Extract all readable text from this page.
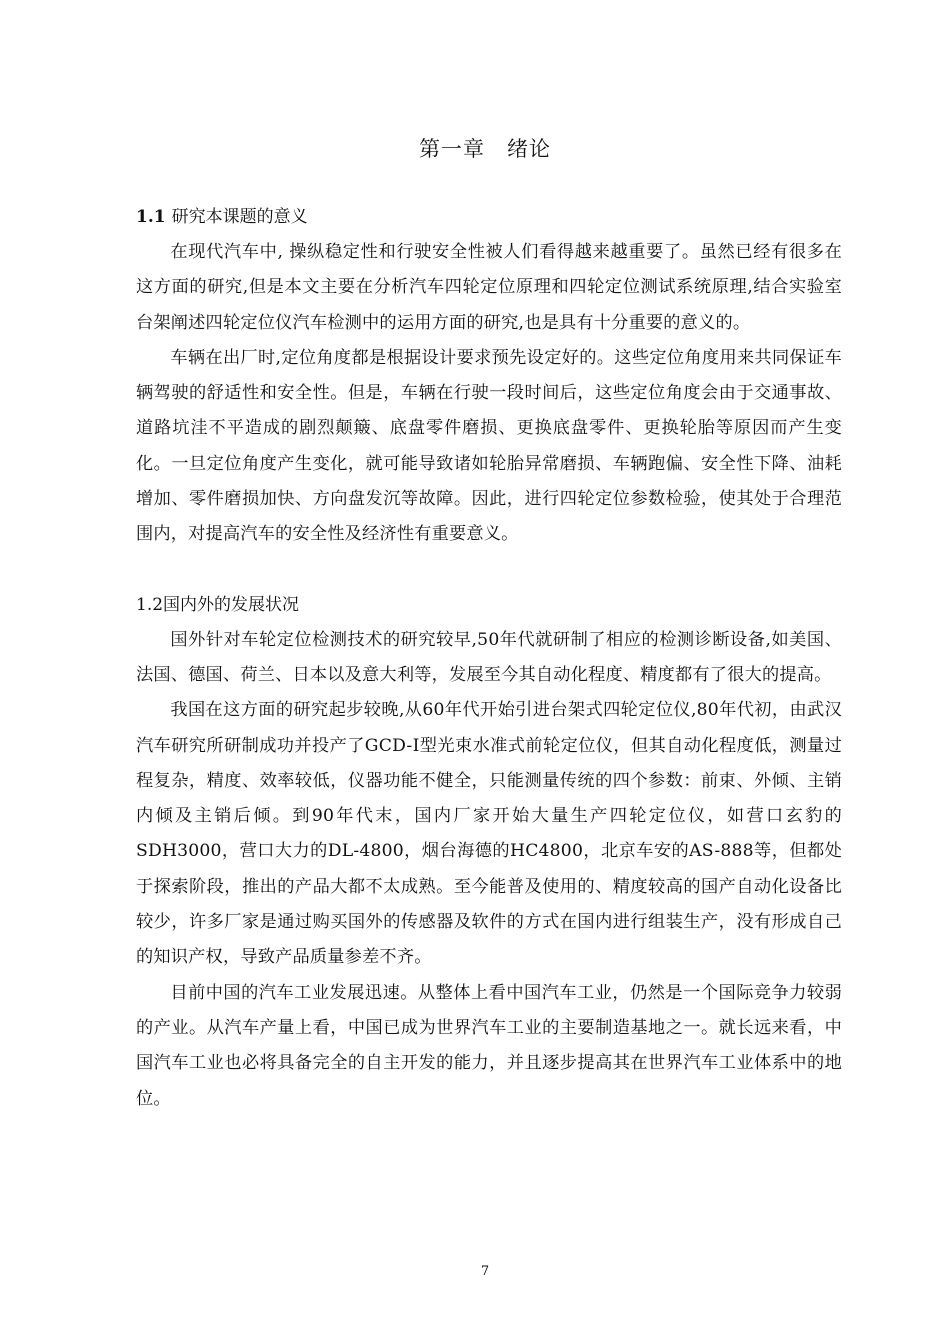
第一章　绪论
1.1 研究本课题的意义

在现代汽车中, 操纵稳定性和行驶安全性被人们看得越来越重要了。虽然已经有很多在这方面的研究,但是本文主要在分析汽车四轮定位原理和四轮定位测试系统原理,结合实验室台架阐述四轮定位仪汽车检测中的运用方面的研究,也是具有十分重要的意义的。

车辆在出厂时,定位角度都是根据设计要求预先设定好的。这些定位角度用来共同保证车辆驾驶的舒适性和安全性。但是，车辆在行驶一段时间后，这些定位角度会由于交通事故、道路坑洼不平造成的剧烈颠簸、底盘零件磨损、更换底盘零件、更换轮胎等原因而产生变化。一旦定位角度产生变化，就可能导致诸如轮胎异常磨损、车辆跑偏、安全性下降、油耗增加、零件磨损加快、方向盘发沉等故障。因此，进行四轮定位参数检验，使其处于合理范围内，对提高汽车的安全性及经济性有重要意义。

1.2国内外的发展状况

国外针对车轮定位检测技术的研究较早,50年代就研制了相应的检测诊断设备,如美国、法国、德国、荷兰、日本以及意大利等，发展至今其自动化程度、精度都有了很大的提高。

我国在这方面的研究起步较晚,从60年代开始引进台架式四轮定位仪,80年代初，由武汉汽车研究所研制成功并投产了GCD-Ⅰ型光束水准式前轮定位仪，但其自动化程度低，测量过程复杂，精度、效率较低，仪器功能不健全，只能测量传统的四个参数：前束、外倾、主销内倾及主销后倾。到90年代末，国内厂家开始大量生产四轮定位仪，如营口玄豹的SDH3000，营口大力的DL-4800，烟台海德的HC4800，北京车安的AS-888等，但都处于探索阶段，推出的产品大都不太成熟。至今能普及使用的、精度较高的国产自动化设备比较少，许多厂家是通过购买国外的传感器及软件的方式在国内进行组装生产，没有形成自己的知识产权，导致产品质量参差不齐。

目前中国的汽车工业发展迅速。从整体上看中国汽车工业，仍然是一个国际竞争力较弱的产业。从汽车产量上看，中国已成为世界汽车工业的主要制造基地之一。就长远来看，中国汽车工业也必将具备完全的自主开发的能力，并且逐步提高其在世界汽车工业体系中的地位。

7
